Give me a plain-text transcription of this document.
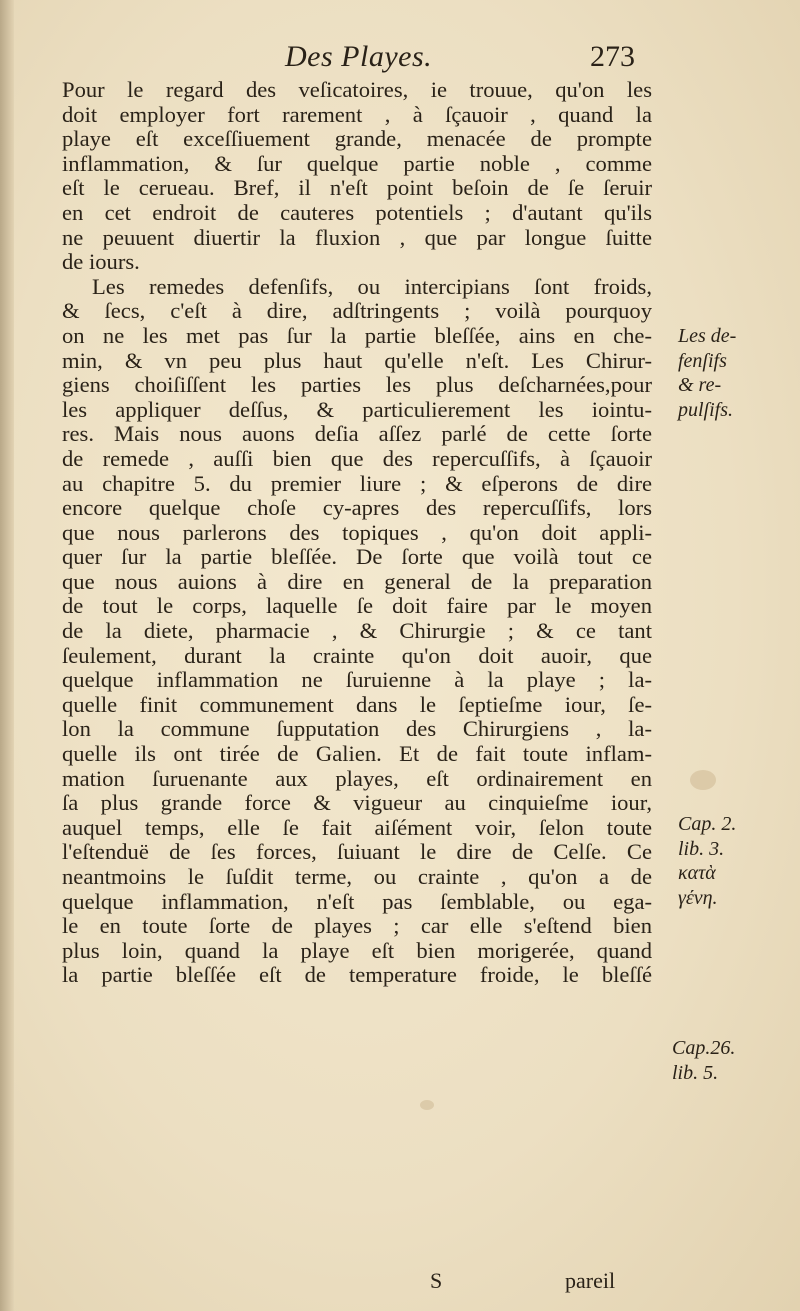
Des Playes.	273
Pour le regard des veſicatoires, ie trouue, qu'on les
doit employer fort rarement , à ſçauoir , quand la
playe eſt exceſſiuement grande, menacée de prompte
inflammation, & ſur quelque partie noble , comme
eſt le cerueau. Bref, il n'eſt point beſoin de ſe ſeruir
en cet endroit de cauteres potentiels ; d'autant qu'ils
ne peuuent diuertir la fluxion , que par longue ſuitte
de iours.
Les remedes defenſifs, ou intercipians ſont froids,
& ſecs, c'eſt à dire, adſtringents ; voilà pourquoy
on ne les met pas ſur la partie bleſſée, ains en che-
min, & vn peu plus haut qu'elle n'eſt. Les Chirur-
giens choiſiſſent les parties les plus deſcharnées,pour
les appliquer deſſus, & particulierement les iointu-
res. Mais nous auons deſia aſſez parlé de cette ſorte
de remede , auſſi bien que des repercuſſifs, à ſçauoir
au chapitre 5. du premier liure ; & eſperons de dire
encore quelque choſe cy-apres des repercuſſifs, lors
que nous parlerons des topiques , qu'on doit appli-
quer ſur la partie bleſſée. De ſorte que voilà tout ce
que nous auions à dire en general de la preparation
de tout le corps, laquelle ſe doit faire par le moyen
de la diete, pharmacie , & Chirurgie ; & ce tant
ſeulement, durant la crainte qu'on doit auoir, que
quelque inflammation ne ſuruienne à la playe ; la-
quelle finit communement dans le ſeptieſme iour, ſe-
lon la commune ſupputation des Chirurgiens , la-
quelle ils ont tirée de Galien. Et de fait toute inflam-
mation ſuruenante aux playes, eſt ordinairement en
ſa plus grande force & vigueur au cinquieſme iour,
auquel temps, elle ſe fait aiſément voir, ſelon toute
l'eſtenduë de ſes forces, ſuiuant le dire de Celſe. Ce
neantmoins le ſuſdit terme, ou crainte , qu'on a de
quelque inflammation, n'eſt pas ſemblable, ou ega-
le en toute ſorte de playes ; car elle s'eſtend bien
plus loin, quand la playe eſt bien morigerée, quand
la partie bleſſée eſt de temperature froide, le bleſſé
Les de-
fenſifs
& re-
pulſifs.
Cap. 2.
lib. 3.
κατὰ
γένη.
Cap.26.
lib. 5.
S	pareil
